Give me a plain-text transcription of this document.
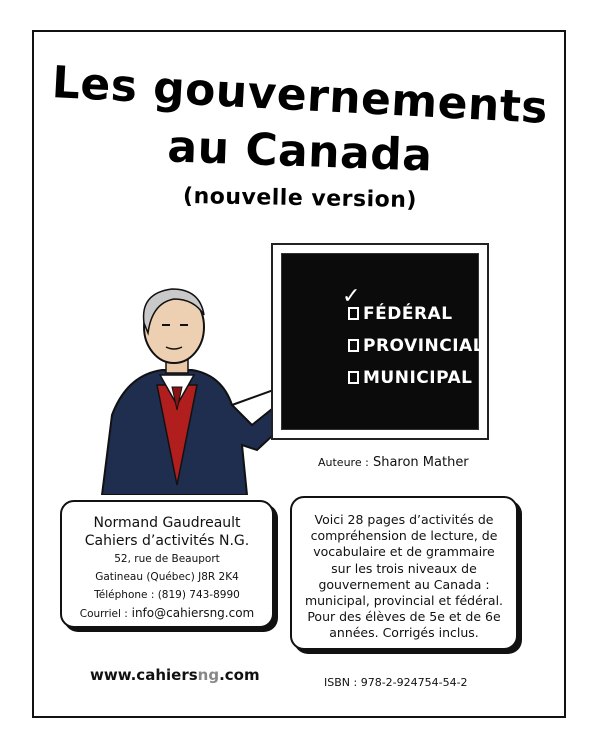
Les gouvernements
au Canada
(nouvelle version)
✓
FÉDÉRAL
PROVINCIAL
MUNICIPAL
Auteure : Sharon Mather
Normand Gaudreault
Cahiers d’activités N.G.
52, rue de Beauport
Gatineau (Québec) J8R 2K4
Téléphone : (819) 743-8990
Courriel : info@cahiersng.com
Voici 28 pages d’activités de
compréhension de lecture, de
vocabulaire et de grammaire
sur les trois niveaux de
gouvernement au Canada :
municipal, provincial et fédéral.
Pour des élèves de 5e et de 6e
années. Corrigés inclus.
www.cahiersng.com	ISBN : 978-2-924754-54-2
